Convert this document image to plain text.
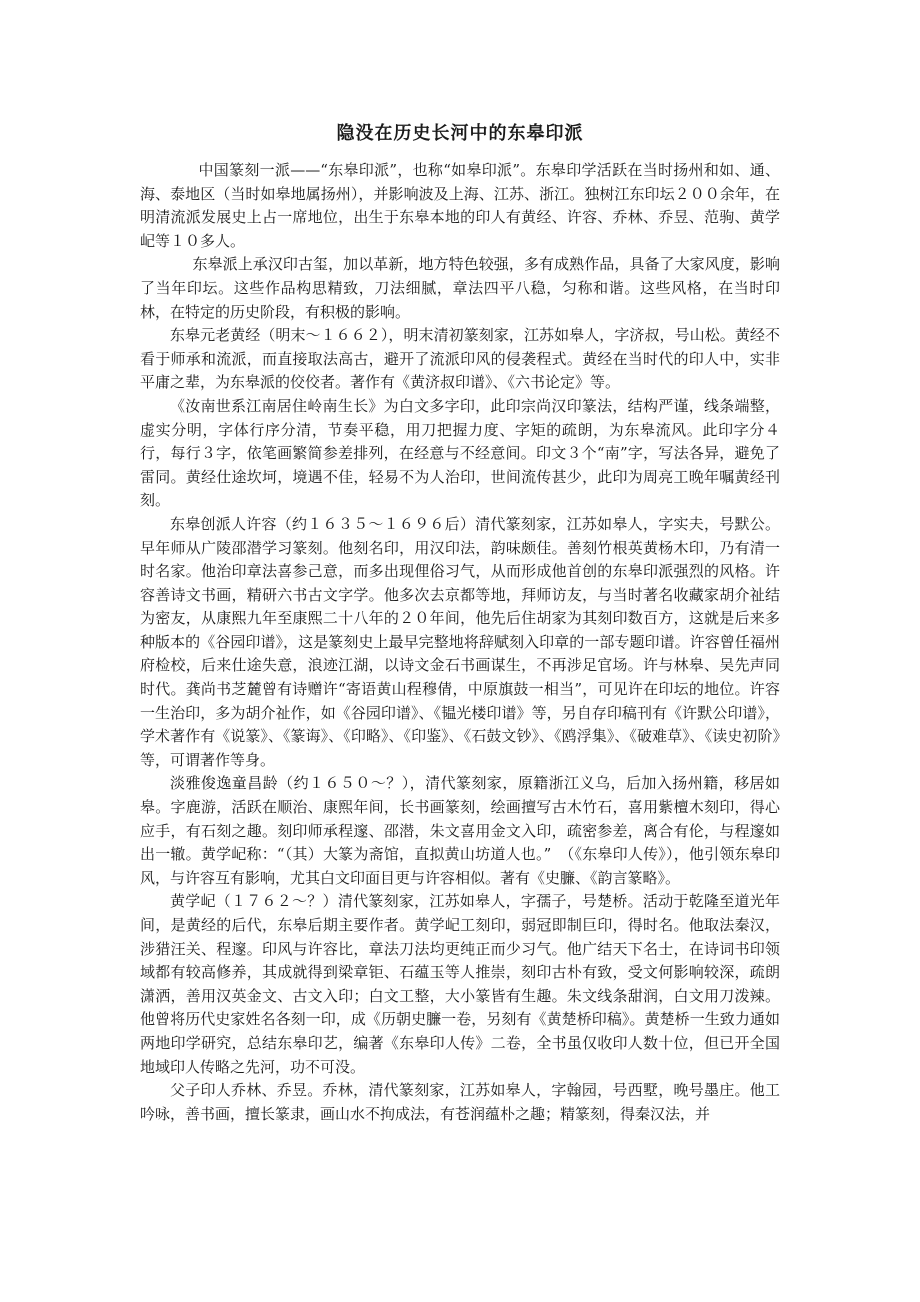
隐没在历史长河中的东皋印派

中国篆刻一派——“东皋印派”，也称“如皋印派”。东皋印学活跃在当时扬州和如、通、海、泰地区（当时如皋地属扬州），并影响波及上海、江苏、浙江。独树江东印坛２００余年，在明清流派发展史上占一席地位，出生于东皋本地的印人有黄经、许容、乔林、乔昱、范驹、黄学屺等１０多人。

东皋派上承汉印古玺，加以革新，地方特色较强，多有成熟作品，具备了大家风度，影响了当年印坛。这些作品构思精致，刀法细腻，章法四平八稳，匀称和谐。这些风格，在当时印林，在特定的历史阶段，有积极的影响。

东皋元老黄经（明末～１６６２），明末清初篆刻家，江苏如皋人，字济叔，号山松。黄经不看于师承和流派，而直接取法高古，避开了流派印风的侵袭程式。黄经在当时代的印人中，实非平庸之辈，为东皋派的佼佼者。著作有《黄济叔印谱》、《六书论定》等。

《汝南世系江南居住岭南生长》为白文多字印，此印宗尚汉印篆法，结构严谨，线条端整，虚实分明，字体行序分清，节奏平稳，用刀把握力度、字矩的疏朗，为东皋流风。此印字分４行，每行３字，依笔画繁简参差排列，在经意与不经意间。印文３个“南”字，写法各异，避免了雷同。黄经仕途坎坷，境遇不佳，轻易不为人治印，世间流传甚少，此印为周亮工晚年嘱黄经刊刻。

东皋创派人许容（约１６３５～１６９６后）清代篆刻家，江苏如皋人，字实夫，号默公。早年师从广陵邵潜学习篆刻。他刻名印，用汉印法，韵味颇佳。善刻竹根英黄杨木印，乃有清一时名家。他治印章法喜参己意，而多出现俚俗习气，从而形成他首创的东皋印派强烈的风格。许容善诗文书画，精研六书古文字学。他多次去京都等地，拜师访友，与当时著名收藏家胡介祉结为密友，从康熙九年至康熙二十八年的２０年间，他先后住胡家为其刻印数百方，这就是后来多种版本的《谷园印谱》，这是篆刻史上最早完整地将辞赋刻入印章的一部专题印谱。许容曾任福州府检校，后来仕途失意，浪迹江湖，以诗文金石书画谋生，不再涉足官场。许与林皋、吴先声同时代。龚尚书芝麓曾有诗赠许“寄语黄山程穆倩，中原旗鼓一相当”，可见许在印坛的地位。许容一生治印，多为胡介祉作，如《谷园印谱》、《韫光楼印谱》等，另自存印稿刊有《许默公印谱》，学术著作有《说篆》、《篆诲》、《印略》、《印鉴》、《石鼓文钞》、《鸥浮集》、《破难草》、《读史初阶》等，可谓著作等身。

淡雅俊逸童昌龄（约１６５０～？），清代篆刻家，原籍浙江义乌，后加入扬州籍，移居如皋。字鹿游，活跃在顺治、康熙年间，长书画篆刻，绘画擅写古木竹石，喜用紫檀木刻印，得心应手，有石刻之趣。刻印师承程邃、邵潜，朱文喜用金文入印，疏密参差，离合有伦，与程邃如出一辙。黄学屺称：“（其）大篆为斋馆，直拟黄山坊道人也。”　（《东皋印人传》），他引领东皋印风，与许容互有影响，尤其白文印面目更与许容相似。著有《史臁、《韵言篆略》。

黄学屺（１７６２～？）清代篆刻家，江苏如皋人，字孺子，号楚桥。活动于乾隆至道光年间，是黄经的后代，东皋后期主要作者。黄学屺工刻印，弱冠即制巨印，得时名。他取法秦汉，涉猎汪关、程邃。印风与许容比，章法刀法均更纯正而少习气。他广结天下名士，在诗词书印领域都有较高修养，其成就得到梁章钜、石蕴玉等人推崇，刻印古朴有致，受文何影响较深，疏朗潇洒，善用汉英金文、古文入印；白文工整，大小篆皆有生趣。朱文线条甜润，白文用刀泼辣。他曾将历代史家姓名各刻一印，成《历朝史臁一卷，另刻有《黄楚桥印稿》。黄楚桥一生致力通如两地印学研究，总结东皋印艺，编著《东皋印人传》二卷，全书虽仅收印人数十位，但已开全国地域印人传略之先河，功不可没。

父子印人乔林、乔昱。乔林，清代篆刻家，江苏如皋人，字翰园，号西墅，晚号墨庄。他工吟咏，善书画，擅长篆隶，画山水不拘成法，有苍润蕴朴之趣；精篆刻，得秦汉法，并
